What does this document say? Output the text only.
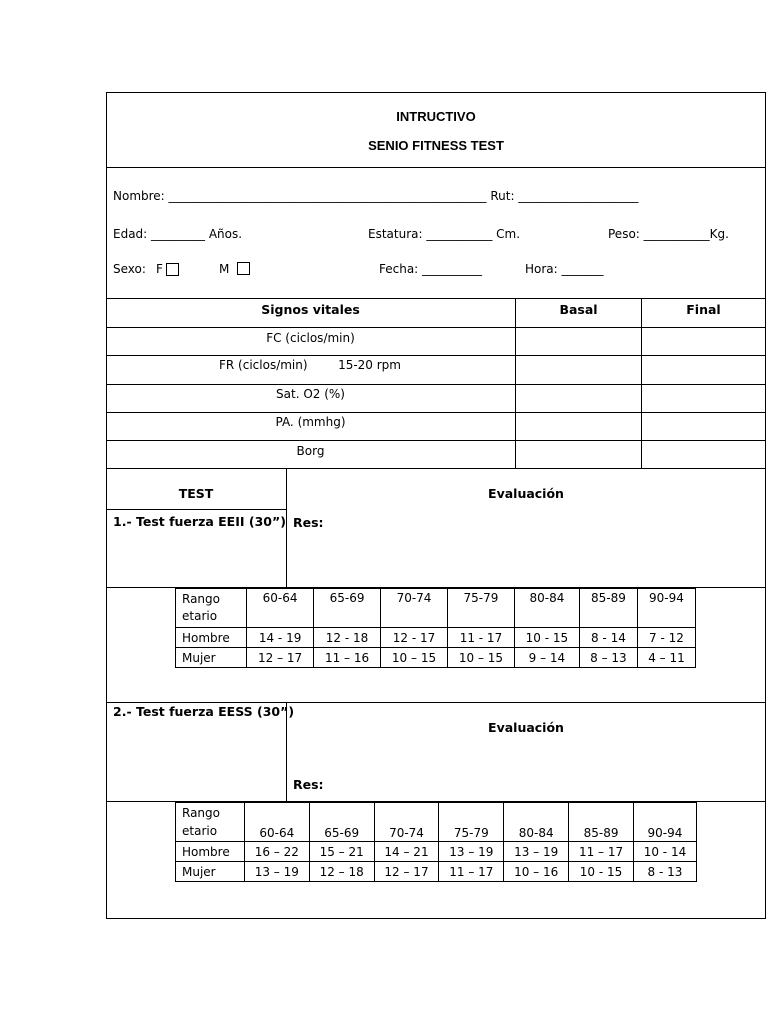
INTRUCTIVO
SENIO FITNESS TEST
Nombre: _____________________________________________________ Rut: ____________________
Edad: _________ Años.	Estatura: ___________ Cm.	Peso: ___________Kg.
Sexo: F	M	Fecha: __________	Hora: _______
Signos vitales	Basal	Final
FC (ciclos/min)
FR (ciclos/min)        15-20 rpm
Sat. O2 (%)
PA. (mmhg)
Borg
TEST	Evaluación
1.- Test fuerza EEII (30”) Res:
Rango
etario	60-64	65-69	70-74	75-79	80-84	85-89	90-94
Hombre	14 - 19	12 - 18	12 - 17	11 - 17	10 - 15	8 - 14	7 - 12
Mujer	12 – 17	11 – 16	10 – 15	10 – 15	9 – 14	8 – 13	4 – 11
2.- Test fuerza EESS (30”)
Evaluación
Res:
Rango
etario	60-64	65-69	70-74	75-79	80-84	85-89	90-94
Hombre	16 – 22	15 – 21	14 – 21	13 – 19	13 – 19	11 – 17	10 - 14
Mujer	13 – 19	12 – 18	12 – 17	11 – 17	10 – 16	10 - 15	8 - 13
